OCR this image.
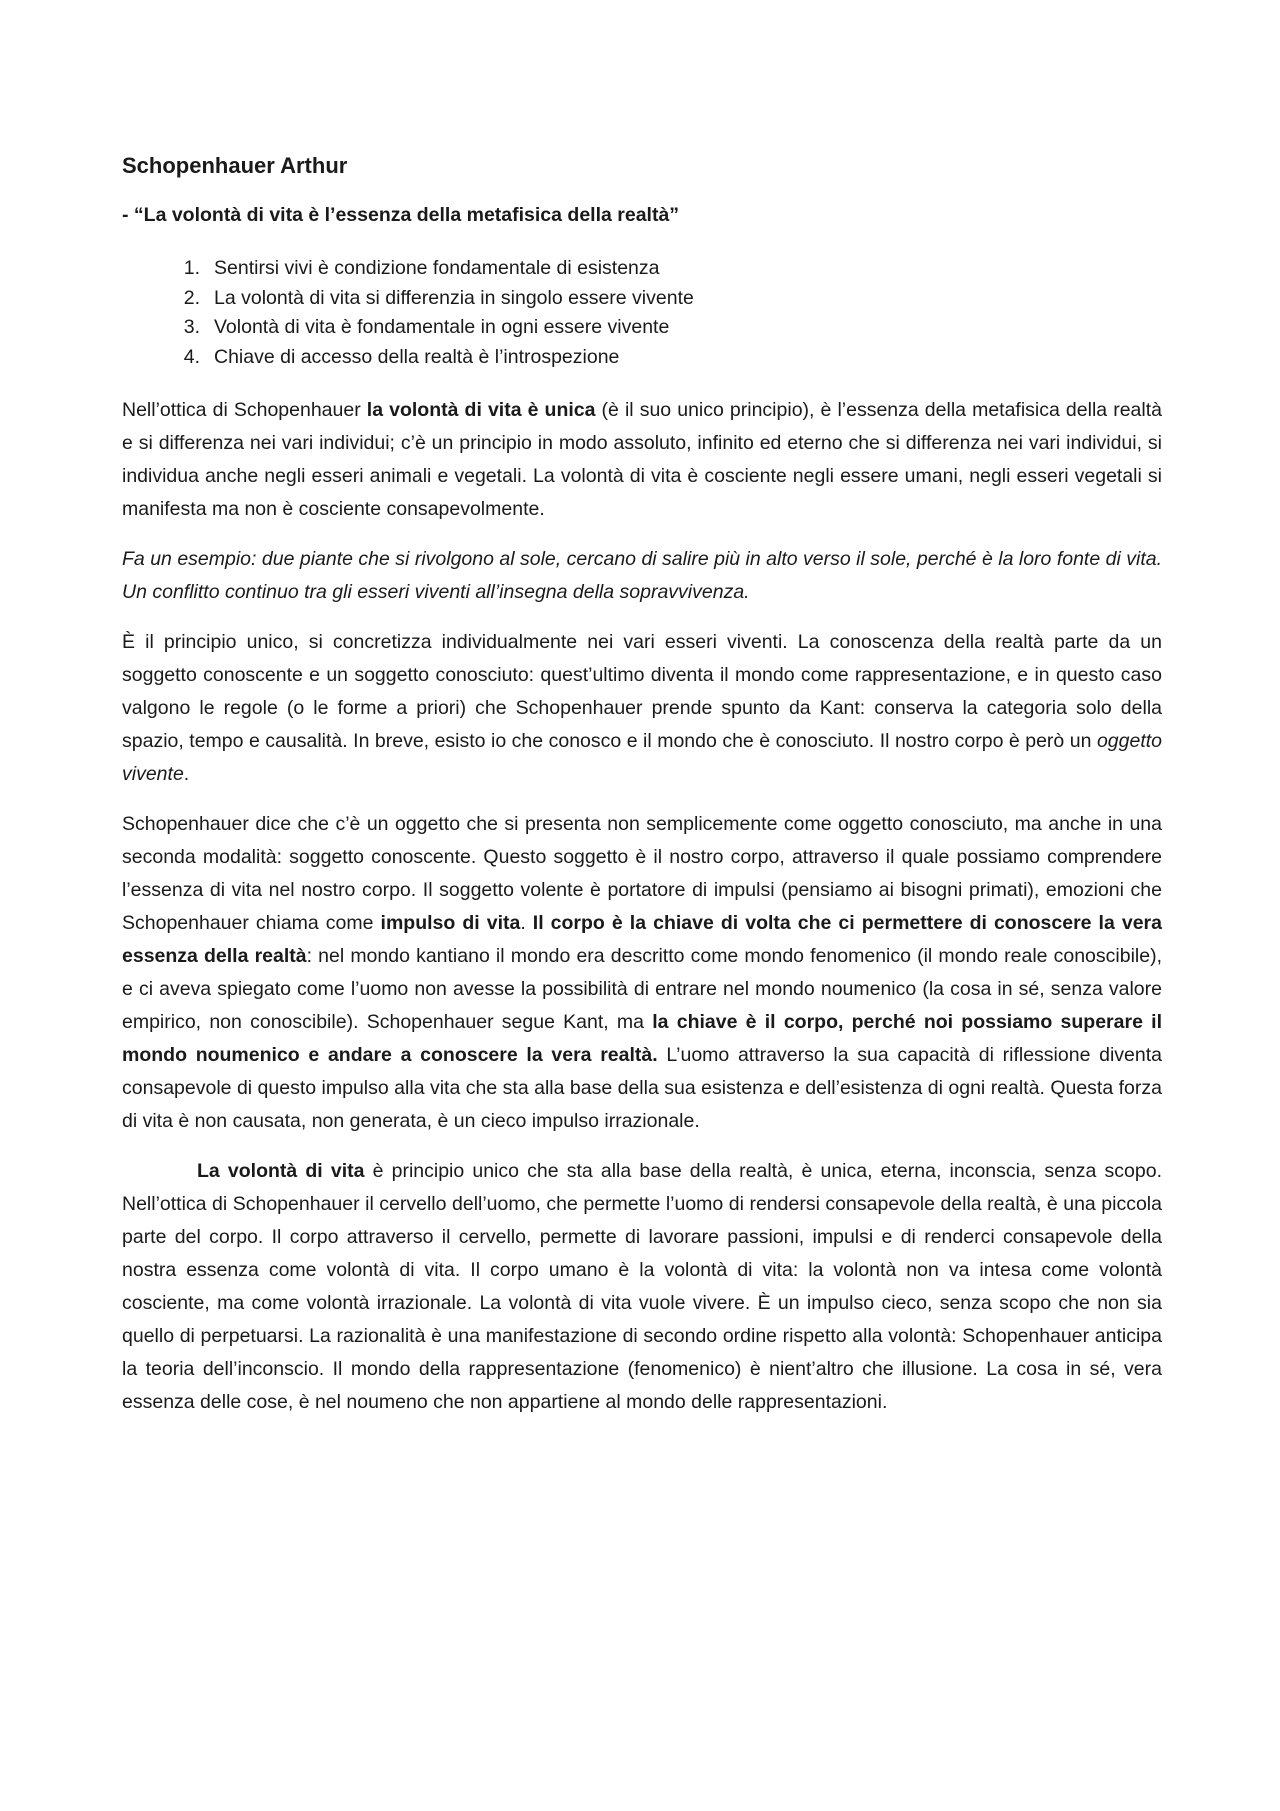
Schopenhauer Arthur
- “La volontà di vita è l’essenza della metafisica della realtà”
1. Sentirsi vivi è condizione fondamentale di esistenza
2. La volontà di vita si differenzia in singolo essere vivente
3. Volontà di vita è fondamentale in ogni essere vivente
4. Chiave di accesso della realtà è l’introspezione

Nell’ottica di Schopenhauer la volontà di vita è unica (è il suo unico principio), è l’essenza della metafisica della realtà e si differenza nei vari individui; c’è un principio in modo assoluto, infinito ed eterno che si differenza nei vari individui, si individua anche negli esseri animali e vegetali. La volontà di vita è cosciente negli essere umani, negli esseri vegetali si manifesta ma non è cosciente consapevolmente.

Fa un esempio: due piante che si rivolgono al sole, cercano di salire più in alto verso il sole, perché è la loro fonte di vita. Un conflitto continuo tra gli esseri viventi all’insegna della sopravvivenza.

È il principio unico, si concretizza individualmente nei vari esseri viventi. La conoscenza della realtà parte da un soggetto conoscente e un soggetto conosciuto: quest’ultimo diventa il mondo come rappresentazione, e in questo caso valgono le regole (o le forme a priori) che Schopenhauer prende spunto da Kant: conserva la categoria solo della spazio, tempo e causalità. In breve, esisto io che conosco e il mondo che è conosciuto. Il nostro corpo è però un oggetto vivente.

Schopenhauer dice che c’è un oggetto che si presenta non semplicemente come oggetto conosciuto, ma anche in una seconda modalità: soggetto conoscente. Questo soggetto è il nostro corpo, attraverso il quale possiamo comprendere l’essenza di vita nel nostro corpo. Il soggetto volente è portatore di impulsi (pensiamo ai bisogni primati), emozioni che Schopenhauer chiama come impulso di vita. Il corpo è la chiave di volta che ci permettere di conoscere la vera essenza della realtà: nel mondo kantiano il mondo era descritto come mondo fenomenico (il mondo reale conoscibile), e ci aveva spiegato come l’uomo non avesse la possibilità di entrare nel mondo noumenico (la cosa in sé, senza valore empirico, non conoscibile). Schopenhauer segue Kant, ma la chiave è il corpo, perché noi possiamo superare il mondo noumenico e andare a conoscere la vera realtà. L’uomo attraverso la sua capacità di riflessione diventa consapevole di questo impulso alla vita che sta alla base della sua esistenza e dell’esistenza di ogni realtà. Questa forza di vita è non causata, non generata, è un cieco impulso irrazionale.

La volontà di vita è principio unico che sta alla base della realtà, è unica, eterna, inconscia, senza scopo. Nell’ottica di Schopenhauer il cervello dell’uomo, che permette l’uomo di rendersi consapevole della realtà, è una piccola parte del corpo. Il corpo attraverso il cervello, permette di lavorare passioni, impulsi e di renderci consapevole della nostra essenza come volontà di vita. Il corpo umano è la volontà di vita: la volontà non va intesa come volontà cosciente, ma come volontà irrazionale. La volontà di vita vuole vivere. È un impulso cieco, senza scopo che non sia quello di perpetuarsi. La razionalità è una manifestazione di secondo ordine rispetto alla volontà: Schopenhauer anticipa la teoria dell’inconscio. Il mondo della rappresentazione (fenomenico) è nient’altro che illusione. La cosa in sé, vera essenza delle cose, è nel noumeno che non appartiene al mondo delle rappresentazioni.
